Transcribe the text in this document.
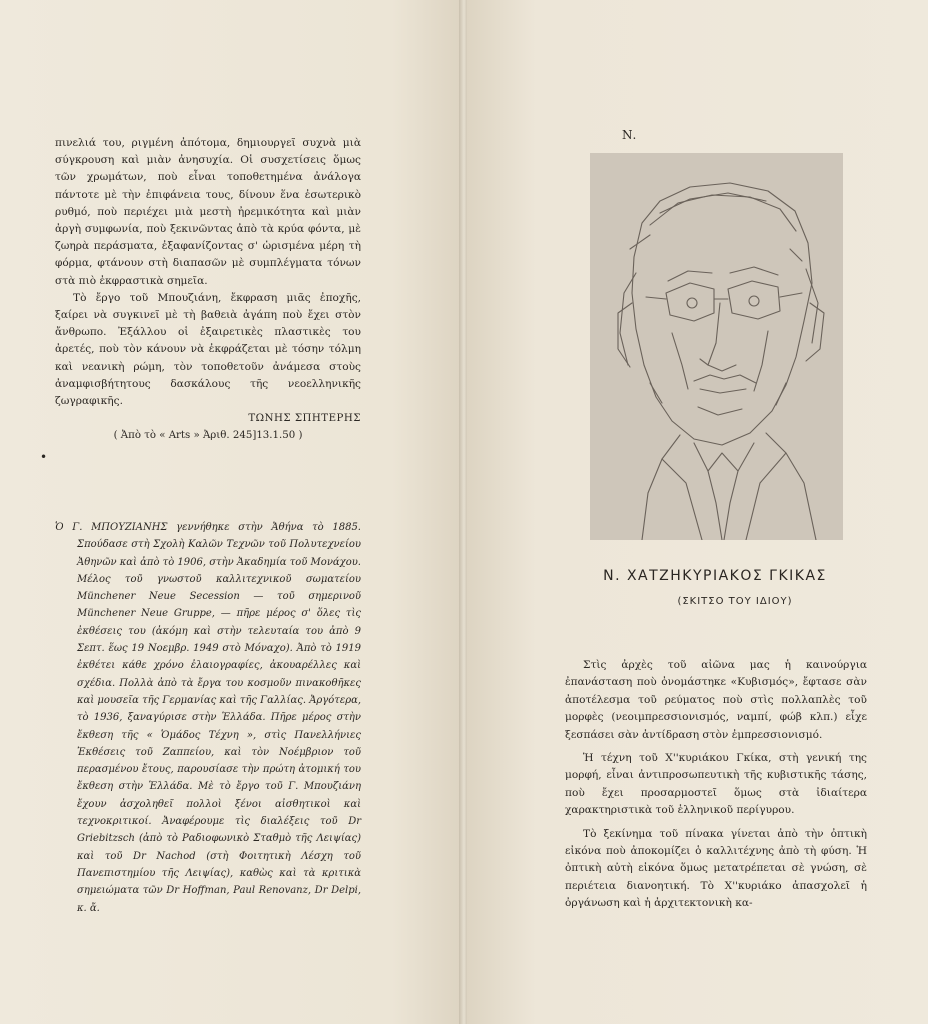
πινελιά του, ριγμένη ἀπότομα, δημιουργεῖ συχνὰ μιὰ σύγκρουση καὶ μιὰν ἀνησυχία. Οἱ συσχετίσεις ὅμως τῶν χρωμάτων, ποὺ εἶναι τοποθετημένα ἀνάλογα πάντοτε μὲ τὴν ἐπιφάνεια τους, δίνουν ἕνα ἐσωτερικὸ ρυθμό, ποὺ περιέχει μιὰ μεστὴ ἠρεμικότητα καὶ μιὰν ἀργὴ συμφωνία, ποὺ ξεκινῶντας ἀπὸ τὰ κρύα φόντα, μὲ ζωηρὰ περάσματα, ἐξαφανίζοντας σ' ὡρισμένα μέρη τὴ φόρμα, φτάνουν στὴ διαπασῶν μὲ συμπλέγματα τόνων στὰ πιὸ ἐκφραστικὰ σημεῖα.

Τὸ ἔργο τοῦ Μπουζιάνη, ἔκφραση μιᾶς ἐποχῆς, ξαίρει νὰ συγκινεῖ μὲ τὴ βαθειὰ ἀγάπη ποὺ ἔχει στὸν ἄνθρωπο. Ἐξάλλου οἱ ἐξαιρετικὲς πλαστικὲς του ἀρετές, ποὺ τὸν κάνουν νὰ ἐκφράζεται μὲ τόσην τόλμη καὶ νεανικὴ ρώμη, τὸν τοποθετοῦν ἀνάμεσα στοὺς ἀναμφισβήτητους δασκάλους τῆς νεοελληνικῆς ζωγραφικῆς.

ΤΩΝΗΣ ΣΠΗΤΕΡΗΣ

( Ἀπὸ τὸ « Arts » Ἀριθ. 245]13.1.50 )

•

Ὁ Γ. ΜΠΟΥΖΙΑΝΗΣ γεννήθηκε στὴν Ἀθήνα τὸ 1885. Σπούδασε στὴ Σχολὴ Καλῶν Τεχνῶν τοῦ Πολυτεχνείου Ἀθηνῶν καὶ ἀπὸ τὸ 1906, στὴν Ἀκαδημία τοῦ Μονάχου. Μέλος τοῦ γνωστοῦ καλλιτεχνικοῦ σωματείου Münchener Neue Secession — τοῦ σημερινοῦ Münchener Neue Gruppe, — πῆρε μέρος σ' ὅλες τὶς ἐκθέσεις του (ἀκόμη καὶ στὴν τελευταία του ἀπὸ 9 Σεπτ. ἕως 19 Νοεμβρ. 1949 στὸ Μόναχο). Ἀπὸ τὸ 1919 ἐκθέτει κάθε χρόνο ἐλαιογραφίες, ἀκουαρέλλες καὶ σχέδια. Πολλὰ ἀπὸ τὰ ἔργα του κοσμοῦν πινακοθῆκες καὶ μουσεῖα τῆς Γερμανίας καὶ τῆς Γαλλίας. Ἀργότερα, τὸ 1936, ξαναγύρισε στὴν Ἑλλάδα. Πῆρε μέρος στὴν ἔκθεση τῆς « Ὁμάδος Τέχνη », στὶς Πανελλήνιες Ἐκθέσεις τοῦ Ζαππείου, καὶ τὸν Νοέμβριον τοῦ περασμένου ἔτους, παρουσίασε τὴν πρώτη ἀτομική του ἔκθεση στὴν Ἑλλάδα. Μὲ τὸ ἔργο τοῦ Γ. Μπουζιάνη ἔχουν ἀσχοληθεῖ πολλοὶ ξένοι αἰσθητικοὶ καὶ τεχνοκριτικοί. Ἀναφέρουμε τὶς διαλέξεις τοῦ Dr Griebitzsch (ἀπὸ τὸ Ραδιοφωνικὸ Σταθμὸ τῆς Λειψίας) καὶ τοῦ Dr Nachod (στὴ Φοιτητικὴ Λέσχη τοῦ Πανεπιστημίου τῆς Λειψίας), καθὼς καὶ τὰ κριτικὰ σημειώματα τῶν Dr Hoffman, Paul Renovanz, Dr Delpi, κ. ἄ.

Ν.
Ν. ΧΑΤΖΗΚΥΡΙΑΚΟΣ ΓΚΙΚΑΣ
(ΣΚΙΤΣΟ ΤΟΥ ΙΔΙΟΥ)

Στὶς ἀρχὲς τοῦ αἰῶνα μας ἡ καινούργια ἐπανάσταση ποὺ ὀνομάστηκε «Κυβισμός», ἔφτασε σὰν ἀποτέλεσμα τοῦ ρεύματος ποὺ στὶς πολλαπλὲς τοῦ μορφὲς (νεοιμπρεσσιονισμός, ναμπί, φώβ κλπ.) εἶχε ξεσπάσει σὰν ἀντίδραση στὸν ἐμπρεσσιονισμό.

Ἡ τέχνη τοῦ Χ''κυριάκου Γκίκα, στὴ γενική της μορφή, εἶναι ἀντιπροσωπευτικὴ τῆς κυβιστικῆς τάσης, ποὺ ἔχει προσαρμοστεῖ ὅμως στὰ ἰδιαίτερα χαρακτηριστικὰ τοῦ ἑλληνικοῦ περίγυρου.

Τὸ ξεκίνημα τοῦ πίνακα γίνεται ἀπὸ τὴν ὀπτικὴ εἰκόνα ποὺ ἀποκομίζει ὁ καλλιτέχνης ἀπὸ τὴ φύση. Ἡ ὀπτικὴ αὐτὴ εἰκόνα ὅμως μετατρέπεται σὲ γνώση, σὲ περιέτεια διανοητική. Τὸ Χ''κυριάκο ἀπασχολεῖ ἡ ὀργάνωση καὶ ἡ ἀρχιτεκτονικὴ κα-
